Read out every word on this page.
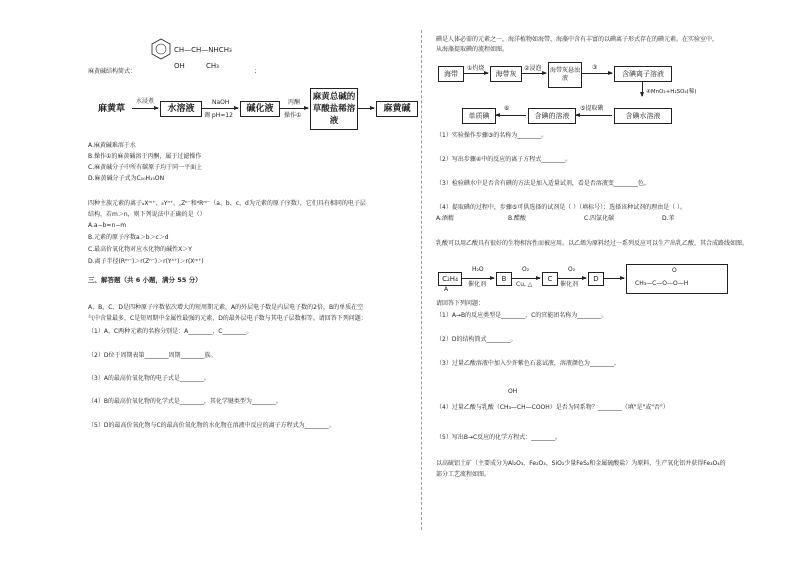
CH—CH—NHCH₃
OH	CH₃
麻黄碱结构简式：	；
麻黄草
水浸煮
水溶液
NaOH
调 pH=12
碱化液
丙酮
操作①
麻黄总碱的草酸盐稀溶液
麻黄碱
A.麻黄碱难溶于水
B.操作①的麻黄碱溶于丙酮，属于过滤操作
C.麻黄碱分子中所有碳原子均于同一平面上
D.麻黄碱分子式为C₁₀H₁₅ON
四种主族元素的离子ₐXᵐ⁺、ᵦYⁿ⁺、꜀Zⁿ⁻和ᵈRᵐ⁻（a、b、c、d为元素的原子序数），它们具有相同的电子层
结构，若m＞n，则下列说法中正确的是（）
A.a−b=n−m
B.元素的原子序数a＞b＞c＞d
C.最高价氧化物对应水化物的碱性X＞Y
D.离子半径(Rᵐ⁻)＞r(Zⁿ⁻)＞r(Yⁿ⁺)＞r(Xᵐ⁺)
三、解答题（共 6 小题，满分 55 分）
A、B、C、D是四种原子序数依次增大的短周期元素，A的外层电子数是内层电子数的2倍，B的单质在空
气中含量最多，C是短周期中金属性最强的元素，D的最外层电子数与其电子层数相等。请回答下列问题：
（1）A、C两种元素的名称分别是：A________，C________。
（2）D位于周期表第________周期________族。
（3）A的最高价氧化物的电子式是________。
（4）B的最高价氧化物的化学式是________，其化学键类型为________。
（5）D的最高价氧化物与C的最高价氧化物的水化物在溶液中反应的离子方程式为________。
碘是人体必需的元素之一，海洋植物如海带、海藻中含有丰富的以碘离子形式存在的碘元素。在实验室中，
从海藻提取碘的流程如图。
海带
①灼烧
海带灰
②浸泡	海带灰悬浊液
③
含碘离子溶液
④MnO₂+H₂SO₄(稀)
单质碘
⑥
含碘的溶液
⑤提取碘
含碘水溶液
（1）实验操作步骤③的名称为________。
（2）写出步骤④中的反应的离子方程式________。
（3）检验碘水中是否含有碘的方法是加入适量试剂，看是否溶液变________色。
（4）提取碘的过程中，步骤⑤可供选择的试剂是（ ）（填标号）；选择该种试剂的理由是（ ）。
A.酒精	B.醋酸	C.四氯化碳	D.苯
乳酸可以用乙酸具有很好的生物相容性而被应用。以乙烯为原料经过一系列反应可以生产出乳乙酸，其合成路线如图。
C₂H₄
A
H₂O
催化剂
B
O₂
Cu, △
C
O₂
催化剂
D
O
CH₃—C—O—O—H
请回答下列问题：
（1）A→B的反应类型是________，C的官能团名称为________。
（2）D的结构简式________。
（3）过量乙酸溶液中加入少许紫色石蕊试液，溶液颜色为________。
OH
（4）过量乙酸与乳酸（CH₃—CH—COOH）是否为同系物？________（填"是"或"否"）
（5）写出B→C反应的化学方程式：________。
以高硫铝土矿（主要成分为Al₂O₃、Fe₂O₃、SiO₂少量FeS₂和金属硫酸盐）为原料，生产氧化铝并获得Fe₃O₄的
部分工艺流程如图。
